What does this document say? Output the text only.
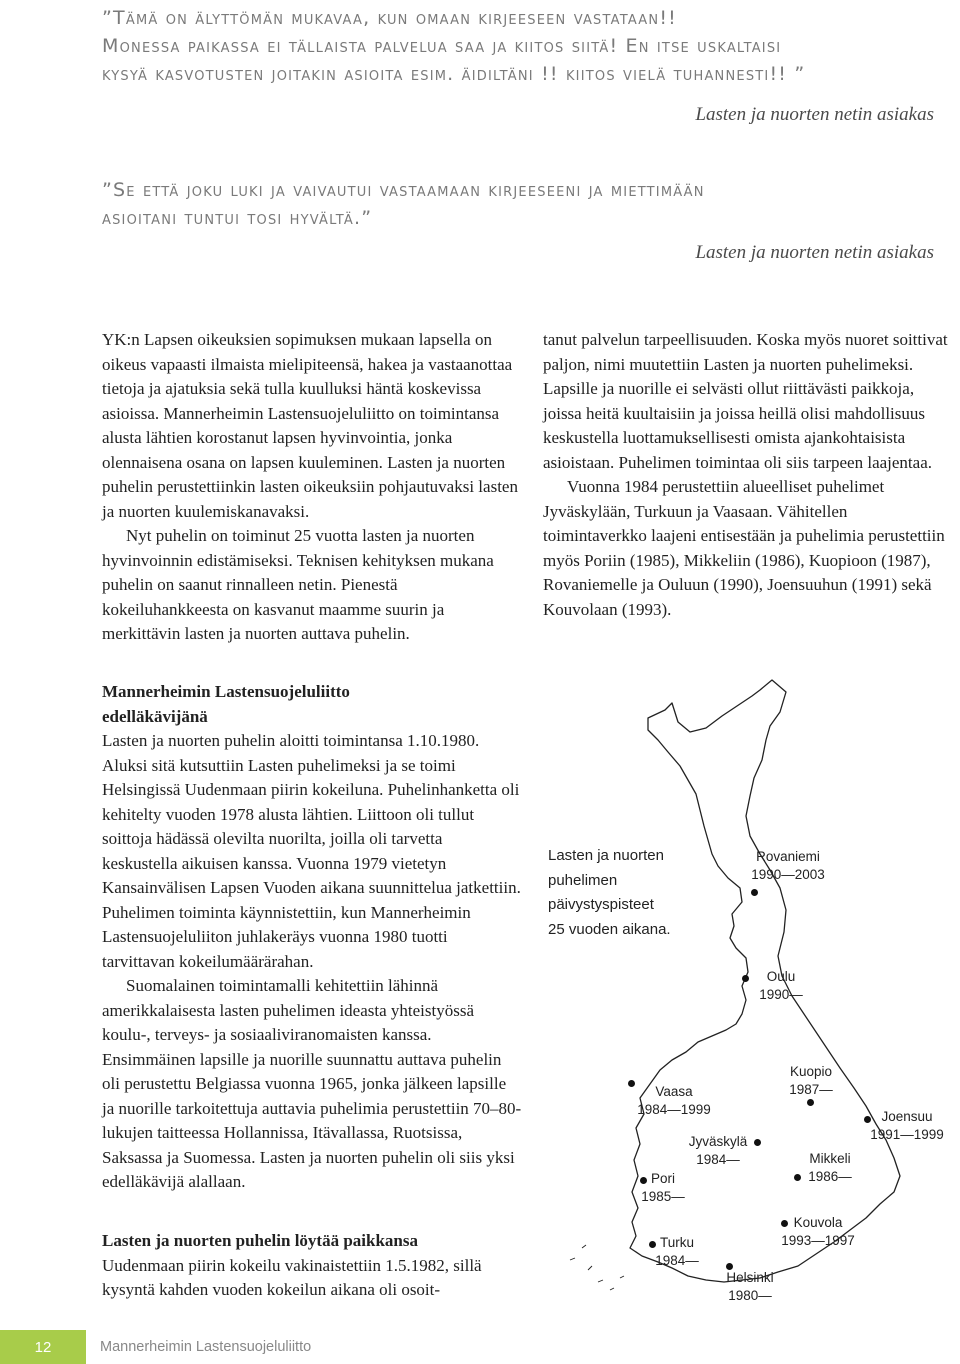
”Tämä on älyttömän mukavaa, kun omaan kirjeeseen vastataan!!

Monessa paikassa ei tällaista palvelua saa ja kiitos siitä! En itse uskaltaisi

kysyä kasvotusten joitakin asioita esim. äidiltäni !! kiitos vielä tuhannesti!! ”

Lasten ja nuorten netin asiakas

”Se että joku luki ja vaivautui vastaamaan kirjeeseeni ja miettimään

asioitani tuntui tosi hyvältä.”

Lasten ja nuorten netin asiakas

YK:n Lapsen oikeuksien sopimuksen mukaan lapsella on oikeus vapaasti ilmaista mielipiteensä, hakea ja vastaanottaa tietoja ja ajatuksia sekä tulla kuulluksi häntä koskevissa asioissa. Mannerheimin Lastensuojeluliitto on toimintansa alusta lähtien korostanut lapsen hyvinvointia, jonka olennaisena osana on lapsen kuuleminen. Lasten ja nuorten puhelin perustettiinkin lasten oikeuksiin pohjautuvaksi lasten ja nuorten kuulemiskanavaksi.

Nyt puhelin on toiminut 25 vuotta lasten ja nuorten hyvinvoinnin edistämiseksi. Teknisen kehityksen mukana puhelin on saanut rinnalleen netin. Pienestä kokeiluhankkeesta on kasvanut maamme suurin ja merkittävin lasten ja nuorten auttava puhelin.

tanut palvelun tarpeellisuuden. Koska myös nuoret soittivat paljon, nimi muutettiin Lasten ja nuorten puhelimeksi. Lapsille ja nuorille ei selvästi ollut riittävästi paikkoja, joissa heitä kuultaisiin ja joissa heillä olisi mahdollisuus keskustella luottamuksellisesti omista ajankohtaisista asioistaan. Puhelimen toimintaa oli siis tarpeen laajentaa.

Vuonna 1984 perustettiin alueelliset puhelimet Jyväskylään, Turkuun ja Vaasaan. Vähitellen toimintaverkko laajeni entisestään ja puhelimia perustettiin myös Poriin (1985), Mikkeliin (1986), Kuopioon (1987), Rovaniemelle ja Ouluun (1990), Joensuuhun (1991) sekä Kouvolaan (1993).

Mannerheimin Lastensuojeluliitto
edelläkävijänä

Lasten ja nuorten puhelin aloitti toimintansa 1.10.1980. Aluksi sitä kutsuttiin Lasten puhelimeksi ja se toimi Helsingissä Uudenmaan piirin kokeiluna. Puhelinhanketta oli kehitelty vuoden 1978 alusta lähtien. Liittoon oli tullut soittoja hädässä olevilta nuorilta, joilla oli tarvetta keskustella aikuisen kanssa. Vuonna 1979 vietetyn Kansainvälisen Lapsen Vuoden aikana suunnittelua jatkettiin. Puhelimen toiminta käynnistettiin, kun Mannerheimin Lastensuojeluliiton juhlakeräys vuonna 1980 tuotti tarvittavan kokeilumäärärahan.

Suomalainen toimintamalli kehitettiin lähinnä amerikkalaisesta lasten puhelimen ideasta yhteistyössä koulu-, terveys- ja sosiaaliviranomaisten kanssa. Ensimmäinen lapsille ja nuorille suunnattu auttava puhelin oli perustettu Belgiassa vuonna 1965, jonka jälkeen lapsille ja nuorille tarkoitettuja auttavia puhelimia perustettiin 70–80-lukujen taitteessa Hollannissa, Itävallassa, Ruotsissa, Saksassa ja Suomessa. Lasten ja nuorten puhelin oli siis yksi edelläkävijä alallaan.

Lasten ja nuorten puhelin löytää paikkansa

Uudenmaan piirin kokeilu vakinaistettiin 1.5.1982, sillä kysyntä kahden vuoden kokeilun aikana oli osoit-

Lasten ja nuorten
puhelimen
päivystyspisteet
25 vuoden aikana.
Rovaniemi
1990—2003
Oulu
1990—
Kuopio
1987—
Vaasa
1984—1999	Joensuu
1991—1999
Jyväskylä
1984—	Mikkeli
1986—
Pori
1985—
Kouvola
1993—1997
Turku
1984—
Helsinki
1980—
12	Mannerheimin Lastensuojeluliitto
